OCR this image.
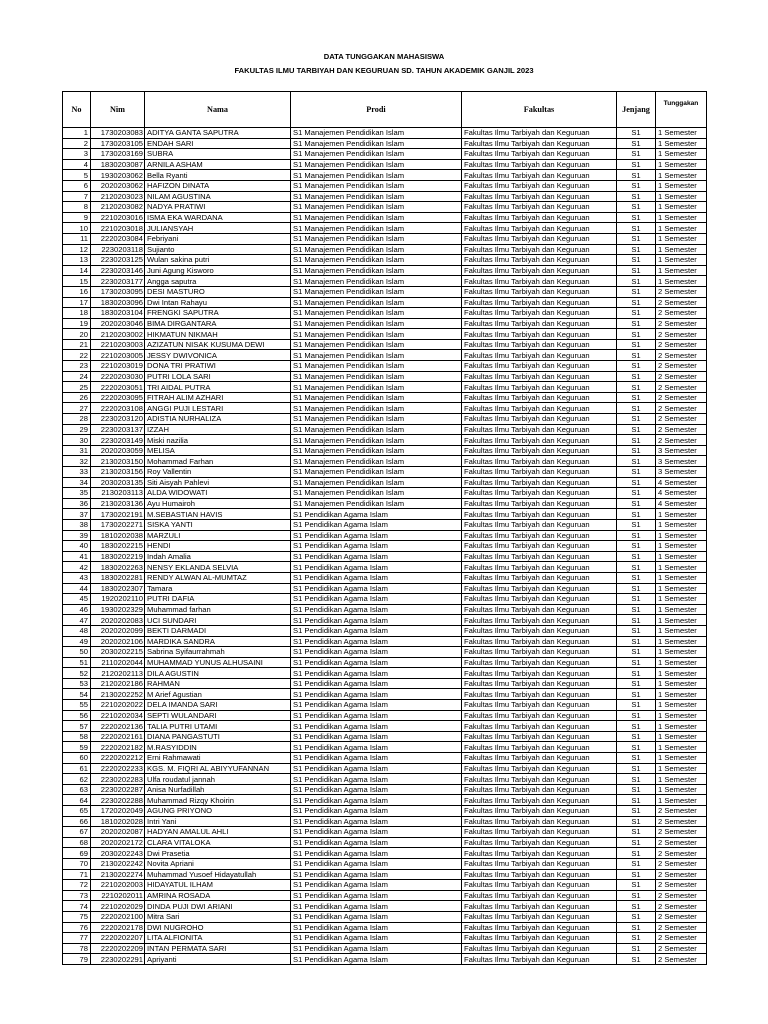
DATA TUNGGAKAN MAHASISWA
FAKULTAS ILMU TARBIYAH DAN KEGURUAN SD. TAHUN AKADEMIK GANJIL 2023
No	Nim	Nama	Prodi	Fakultas	Jenjang	Tunggakan
1	1730203083	ADITYA GANTA SAPUTRA	S1 Manajemen Pendidikan Islam	Fakultas Ilmu Tarbiyah dan Keguruan	S1	1 Semester
2	1730203105	ENDAH SARI	S1 Manajemen Pendidikan Islam	Fakultas Ilmu Tarbiyah dan Keguruan	S1	1 Semester
3	1730203169	SUBRA	S1 Manajemen Pendidikan Islam	Fakultas Ilmu Tarbiyah dan Keguruan	S1	1 Semester
4	1830203087	ARNILA ASHAM	S1 Manajemen Pendidikan Islam	Fakultas Ilmu Tarbiyah dan Keguruan	S1	1 Semester
5	1930203062	Bella Ryanti	S1 Manajemen Pendidikan Islam	Fakultas Ilmu Tarbiyah dan Keguruan	S1	1 Semester
6	2020203062	HAFIZON DINATA	S1 Manajemen Pendidikan Islam	Fakultas Ilmu Tarbiyah dan Keguruan	S1	1 Semester
7	2120203023	NILAM AGUSTINA	S1 Manajemen Pendidikan Islam	Fakultas Ilmu Tarbiyah dan Keguruan	S1	1 Semester
8	2120203082	NADYA PRATIWI	S1 Manajemen Pendidikan Islam	Fakultas Ilmu Tarbiyah dan Keguruan	S1	1 Semester
9	2210203016	ISMA EKA WARDANA	S1 Manajemen Pendidikan Islam	Fakultas Ilmu Tarbiyah dan Keguruan	S1	1 Semester
10	2210203018	JULIANSYAH	S1 Manajemen Pendidikan Islam	Fakultas Ilmu Tarbiyah dan Keguruan	S1	1 Semester
11	2220203084	Febriyani	S1 Manajemen Pendidikan Islam	Fakultas Ilmu Tarbiyah dan Keguruan	S1	1 Semester
12	2230203118	Sujianto	S1 Manajemen Pendidikan Islam	Fakultas Ilmu Tarbiyah dan Keguruan	S1	1 Semester
13	2230203125	Wulan sakina putri	S1 Manajemen Pendidikan Islam	Fakultas Ilmu Tarbiyah dan Keguruan	S1	1 Semester
14	2230203146	Juni Agung Kisworo	S1 Manajemen Pendidikan Islam	Fakultas Ilmu Tarbiyah dan Keguruan	S1	1 Semester
15	2230203177	Angga saputra	S1 Manajemen Pendidikan Islam	Fakultas Ilmu Tarbiyah dan Keguruan	S1	1 Semester
16	1730203095	DESI MASTURO	S1 Manajemen Pendidikan Islam	Fakultas Ilmu Tarbiyah dan Keguruan	S1	2 Semester
17	1830203096	Dwi Intan Rahayu	S1 Manajemen Pendidikan Islam	Fakultas Ilmu Tarbiyah dan Keguruan	S1	2 Semester
18	1830203104	FRENGKI SAPUTRA	S1 Manajemen Pendidikan Islam	Fakultas Ilmu Tarbiyah dan Keguruan	S1	2 Semester
19	2020203046	BIMA DIRGANTARA	S1 Manajemen Pendidikan Islam	Fakultas Ilmu Tarbiyah dan Keguruan	S1	2 Semester
20	2120203002	HIKMATUN NIKMAH	S1 Manajemen Pendidikan Islam	Fakultas Ilmu Tarbiyah dan Keguruan	S1	2 Semester
21	2210203003	AZIZATUN NISAK KUSUMA DEWI	S1 Manajemen Pendidikan Islam	Fakultas Ilmu Tarbiyah dan Keguruan	S1	2 Semester
22	2210203005	JESSY DWIVONICA	S1 Manajemen Pendidikan Islam	Fakultas Ilmu Tarbiyah dan Keguruan	S1	2 Semester
23	2210203019	DONA TRI PRATIWI	S1 Manajemen Pendidikan Islam	Fakultas Ilmu Tarbiyah dan Keguruan	S1	2 Semester
24	2220203030	PUTRI LOLA SARI	S1 Manajemen Pendidikan Islam	Fakultas Ilmu Tarbiyah dan Keguruan	S1	2 Semester
25	2220203051	TRI AIDAL PUTRA	S1 Manajemen Pendidikan Islam	Fakultas Ilmu Tarbiyah dan Keguruan	S1	2 Semester
26	2220203095	FITRAH ALIM AZHARI	S1 Manajemen Pendidikan Islam	Fakultas Ilmu Tarbiyah dan Keguruan	S1	2 Semester
27	2220203108	ANGGI PUJI LESTARI	S1 Manajemen Pendidikan Islam	Fakultas Ilmu Tarbiyah dan Keguruan	S1	2 Semester
28	2230203120	ADISTIA NURHALIZA	S1 Manajemen Pendidikan Islam	Fakultas Ilmu Tarbiyah dan Keguruan	S1	2 Semester
29	2230203137	IZZAH	S1 Manajemen Pendidikan Islam	Fakultas Ilmu Tarbiyah dan Keguruan	S1	2 Semester
30	2230203149	Miski nazilia	S1 Manajemen Pendidikan Islam	Fakultas Ilmu Tarbiyah dan Keguruan	S1	2 Semester
31	2020203059	MELISA	S1 Manajemen Pendidikan Islam	Fakultas Ilmu Tarbiyah dan Keguruan	S1	3 Semester
32	2130203150	Mohammad Farhan	S1 Manajemen Pendidikan Islam	Fakultas Ilmu Tarbiyah dan Keguruan	S1	3 Semester
33	2130203156	Roy Vallentin	S1 Manajemen Pendidikan Islam	Fakultas Ilmu Tarbiyah dan Keguruan	S1	3 Semester
34	2030203135	Siti Aisyah Pahlevi	S1 Manajemen Pendidikan Islam	Fakultas Ilmu Tarbiyah dan Keguruan	S1	4 Semester
35	2130203113	ALDA WIDOWATI	S1 Manajemen Pendidikan Islam	Fakultas Ilmu Tarbiyah dan Keguruan	S1	4 Semester
36	2130203136	Ayu Humairoh	S1 Manajemen Pendidikan Islam	Fakultas Ilmu Tarbiyah dan Keguruan	S1	4 Semester
37	1730202191	M.SEBASTIAN HAVIS	S1 Pendidikan Agama Islam	Fakultas Ilmu Tarbiyah dan Keguruan	S1	1 Semester
38	1730202271	SISKA YANTI	S1 Pendidikan Agama Islam	Fakultas Ilmu Tarbiyah dan Keguruan	S1	1 Semester
39	1810202038	MARZULI	S1 Pendidikan Agama Islam	Fakultas Ilmu Tarbiyah dan Keguruan	S1	1 Semester
40	1830202215	HENDI	S1 Pendidikan Agama Islam	Fakultas Ilmu Tarbiyah dan Keguruan	S1	1 Semester
41	1830202219	Indah Amalia	S1 Pendidikan Agama Islam	Fakultas Ilmu Tarbiyah dan Keguruan	S1	1 Semester
42	1830202263	NENSY EKLANDA SELVIA	S1 Pendidikan Agama Islam	Fakultas Ilmu Tarbiyah dan Keguruan	S1	1 Semester
43	1830202281	RENDY ALWAN AL-MUMTAZ	S1 Pendidikan Agama Islam	Fakultas Ilmu Tarbiyah dan Keguruan	S1	1 Semester
44	1830202307	Tamara	S1 Pendidikan Agama Islam	Fakultas Ilmu Tarbiyah dan Keguruan	S1	1 Semester
45	1920202110	PUTRI DAFIA	S1 Pendidikan Agama Islam	Fakultas Ilmu Tarbiyah dan Keguruan	S1	1 Semester
46	1930202329	Muhammad farhan	S1 Pendidikan Agama Islam	Fakultas Ilmu Tarbiyah dan Keguruan	S1	1 Semester
47	2020202083	UCI SUNDARI	S1 Pendidikan Agama Islam	Fakultas Ilmu Tarbiyah dan Keguruan	S1	1 Semester
48	2020202099	BEKTI DARMADI	S1 Pendidikan Agama Islam	Fakultas Ilmu Tarbiyah dan Keguruan	S1	1 Semester
49	2020202106	MARDIKA SANDRA	S1 Pendidikan Agama Islam	Fakultas Ilmu Tarbiyah dan Keguruan	S1	1 Semester
50	2030202215	Sabrina Syifaurrahmah	S1 Pendidikan Agama Islam	Fakultas Ilmu Tarbiyah dan Keguruan	S1	1 Semester
51	2110202044	MUHAMMAD YUNUS ALHUSAINI	S1 Pendidikan Agama Islam	Fakultas Ilmu Tarbiyah dan Keguruan	S1	1 Semester
52	2120202113	DILA AGUSTIN	S1 Pendidikan Agama Islam	Fakultas Ilmu Tarbiyah dan Keguruan	S1	1 Semester
53	2120202186	RAHMAN	S1 Pendidikan Agama Islam	Fakultas Ilmu Tarbiyah dan Keguruan	S1	1 Semester
54	2130202252	M Arief Agustian	S1 Pendidikan Agama Islam	Fakultas Ilmu Tarbiyah dan Keguruan	S1	1 Semester
55	2210202022	DELA IMANDA SARI	S1 Pendidikan Agama Islam	Fakultas Ilmu Tarbiyah dan Keguruan	S1	1 Semester
56	2210202034	SEPTI WULANDARI	S1 Pendidikan Agama Islam	Fakultas Ilmu Tarbiyah dan Keguruan	S1	1 Semester
57	2220202136	TALIA PUTRI UTAMI	S1 Pendidikan Agama Islam	Fakultas Ilmu Tarbiyah dan Keguruan	S1	1 Semester
58	2220202161	DIANA PANGASTUTI	S1 Pendidikan Agama Islam	Fakultas Ilmu Tarbiyah dan Keguruan	S1	1 Semester
59	2220202182	M.RASYIDDIN	S1 Pendidikan Agama Islam	Fakultas Ilmu Tarbiyah dan Keguruan	S1	1 Semester
60	2220202212	Erni Rahmawati	S1 Pendidikan Agama Islam	Fakultas Ilmu Tarbiyah dan Keguruan	S1	1 Semester
61	2220202233	KGS. M. FIQRI AL ABIYYUFANNAN	S1 Pendidikan Agama Islam	Fakultas Ilmu Tarbiyah dan Keguruan	S1	1 Semester
62	2230202283	Ulfa roudatul jannah	S1 Pendidikan Agama Islam	Fakultas Ilmu Tarbiyah dan Keguruan	S1	1 Semester
63	2230202287	Anisa Nurfadillah	S1 Pendidikan Agama Islam	Fakultas Ilmu Tarbiyah dan Keguruan	S1	1 Semester
64	2230202288	Muhammad Rizqy Khoirin	S1 Pendidikan Agama Islam	Fakultas Ilmu Tarbiyah dan Keguruan	S1	1 Semester
65	1720202049	AGUNG PRIYONO	S1 Pendidikan Agama Islam	Fakultas Ilmu Tarbiyah dan Keguruan	S1	2 Semester
66	1810202028	Intri Yani	S1 Pendidikan Agama Islam	Fakultas Ilmu Tarbiyah dan Keguruan	S1	2 Semester
67	2020202087	HADYAN AMALUL AHLI	S1 Pendidikan Agama Islam	Fakultas Ilmu Tarbiyah dan Keguruan	S1	2 Semester
68	2020202172	CLARA VITALOKA	S1 Pendidikan Agama Islam	Fakultas Ilmu Tarbiyah dan Keguruan	S1	2 Semester
69	2030202243	Dwi Prasetia	S1 Pendidikan Agama Islam	Fakultas Ilmu Tarbiyah dan Keguruan	S1	2 Semester
70	2130202242	Novita Apriani	S1 Pendidikan Agama Islam	Fakultas Ilmu Tarbiyah dan Keguruan	S1	2 Semester
71	2130202274	Muhammad Yusoef Hidayatullah	S1 Pendidikan Agama Islam	Fakultas Ilmu Tarbiyah dan Keguruan	S1	2 Semester
72	2210202003	HIDAYATUL ILHAM	S1 Pendidikan Agama Islam	Fakultas Ilmu Tarbiyah dan Keguruan	S1	2 Semester
73	2210202011	AMRINA ROSADA	S1 Pendidikan Agama Islam	Fakultas Ilmu Tarbiyah dan Keguruan	S1	2 Semester
74	2210202029	DINDA PUJI DWI ARIANI	S1 Pendidikan Agama Islam	Fakultas Ilmu Tarbiyah dan Keguruan	S1	2 Semester
75	2220202100	Mitra Sari	S1 Pendidikan Agama Islam	Fakultas Ilmu Tarbiyah dan Keguruan	S1	2 Semester
76	2220202178	DWI NUGROHO	S1 Pendidikan Agama Islam	Fakultas Ilmu Tarbiyah dan Keguruan	S1	2 Semester
77	2220202207	LITA ALFIONITA	S1 Pendidikan Agama Islam	Fakultas Ilmu Tarbiyah dan Keguruan	S1	2 Semester
78	2220202209	INTAN PERMATA SARI	S1 Pendidikan Agama Islam	Fakultas Ilmu Tarbiyah dan Keguruan	S1	2 Semester
79	2230202291	Apriyanti	S1 Pendidikan Agama Islam	Fakultas Ilmu Tarbiyah dan Keguruan	S1	2 Semester
